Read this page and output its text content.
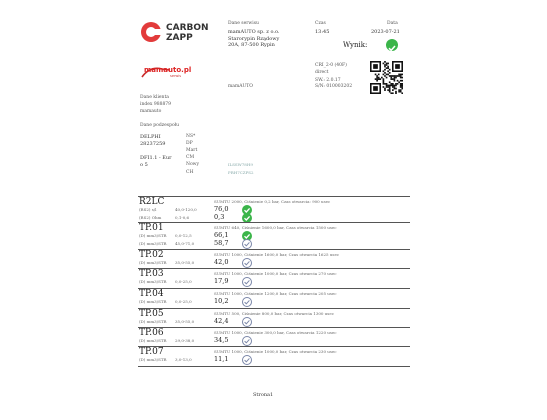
CARBON
ZAPP
Dane serwisu
mamAUTO sp. z o.o.
Starorypin Rządowy
20A, 87-500 Rypin
Czas
13:45
Data
2023-07-21
Wynik:
mamauto.pl
serwis
mamAUTO
CRI_2-0 (40F)
direct
SW.: 2.0.17
S/N: 010003202
Dane klienta
index 988879
mamauto
Dane podzespołu
DELPHI
28237259
DFI1.1 - Eur
o 5
NS*
DP
Mart
CM
Nowy
CH
ILSSW78H9
PRH7CZPS2
R2LC	SUMTU 2000, Ciśnienie 0,2 bar, Czas otwarcia: 900 usec
(RS2) s/l	40,0-120,0	76,0
(RS2) Ohm	0,1-0,6	0,3
TP.01	SUMTU 640, Ciśnienie 1600,0 bar, Czas otwarcia 1500 usec
(D) mm3/STR 0,0-12,5	66,1
(D) mm3/STR 45,0-71,0	58,7
TP.02	SUMTU 1000, Ciśnienie 1600,0 bar, Czas otwarcia 1625 usec
(D) mm3/STR 35,0-55,0	42,0
TP.03	SUMTU 1000, Ciśnienie 1000,0 bar, Czas otwarcia 270 usec
(D) mm3/STR 0,0-25,0	17,9
TP.04	SUMTU 1000, Ciśnienie 1200,0 bar, Czas otwarcia 205 usec
(D) mm3/STR 0,0-25,0	10,2
TP.05	SUMTU 500, Ciśnienie 800,0 bar, Czas otwarcia 1300 usec
(D) mm3/STR 35,0-55,0	42,4
TP.06	SUMTU 1000, Ciśnienie 300,0 bar, Czas otwarcia 1220 usec
(D) mm3/STR 29,0-38,0	34,5
TP.07	SUMTU 1000, Ciśnienie 1000,0 bar, Czas otwarcia 230 usec
(D) mm3/STR 3,0-13,0	11,1
Strona1
